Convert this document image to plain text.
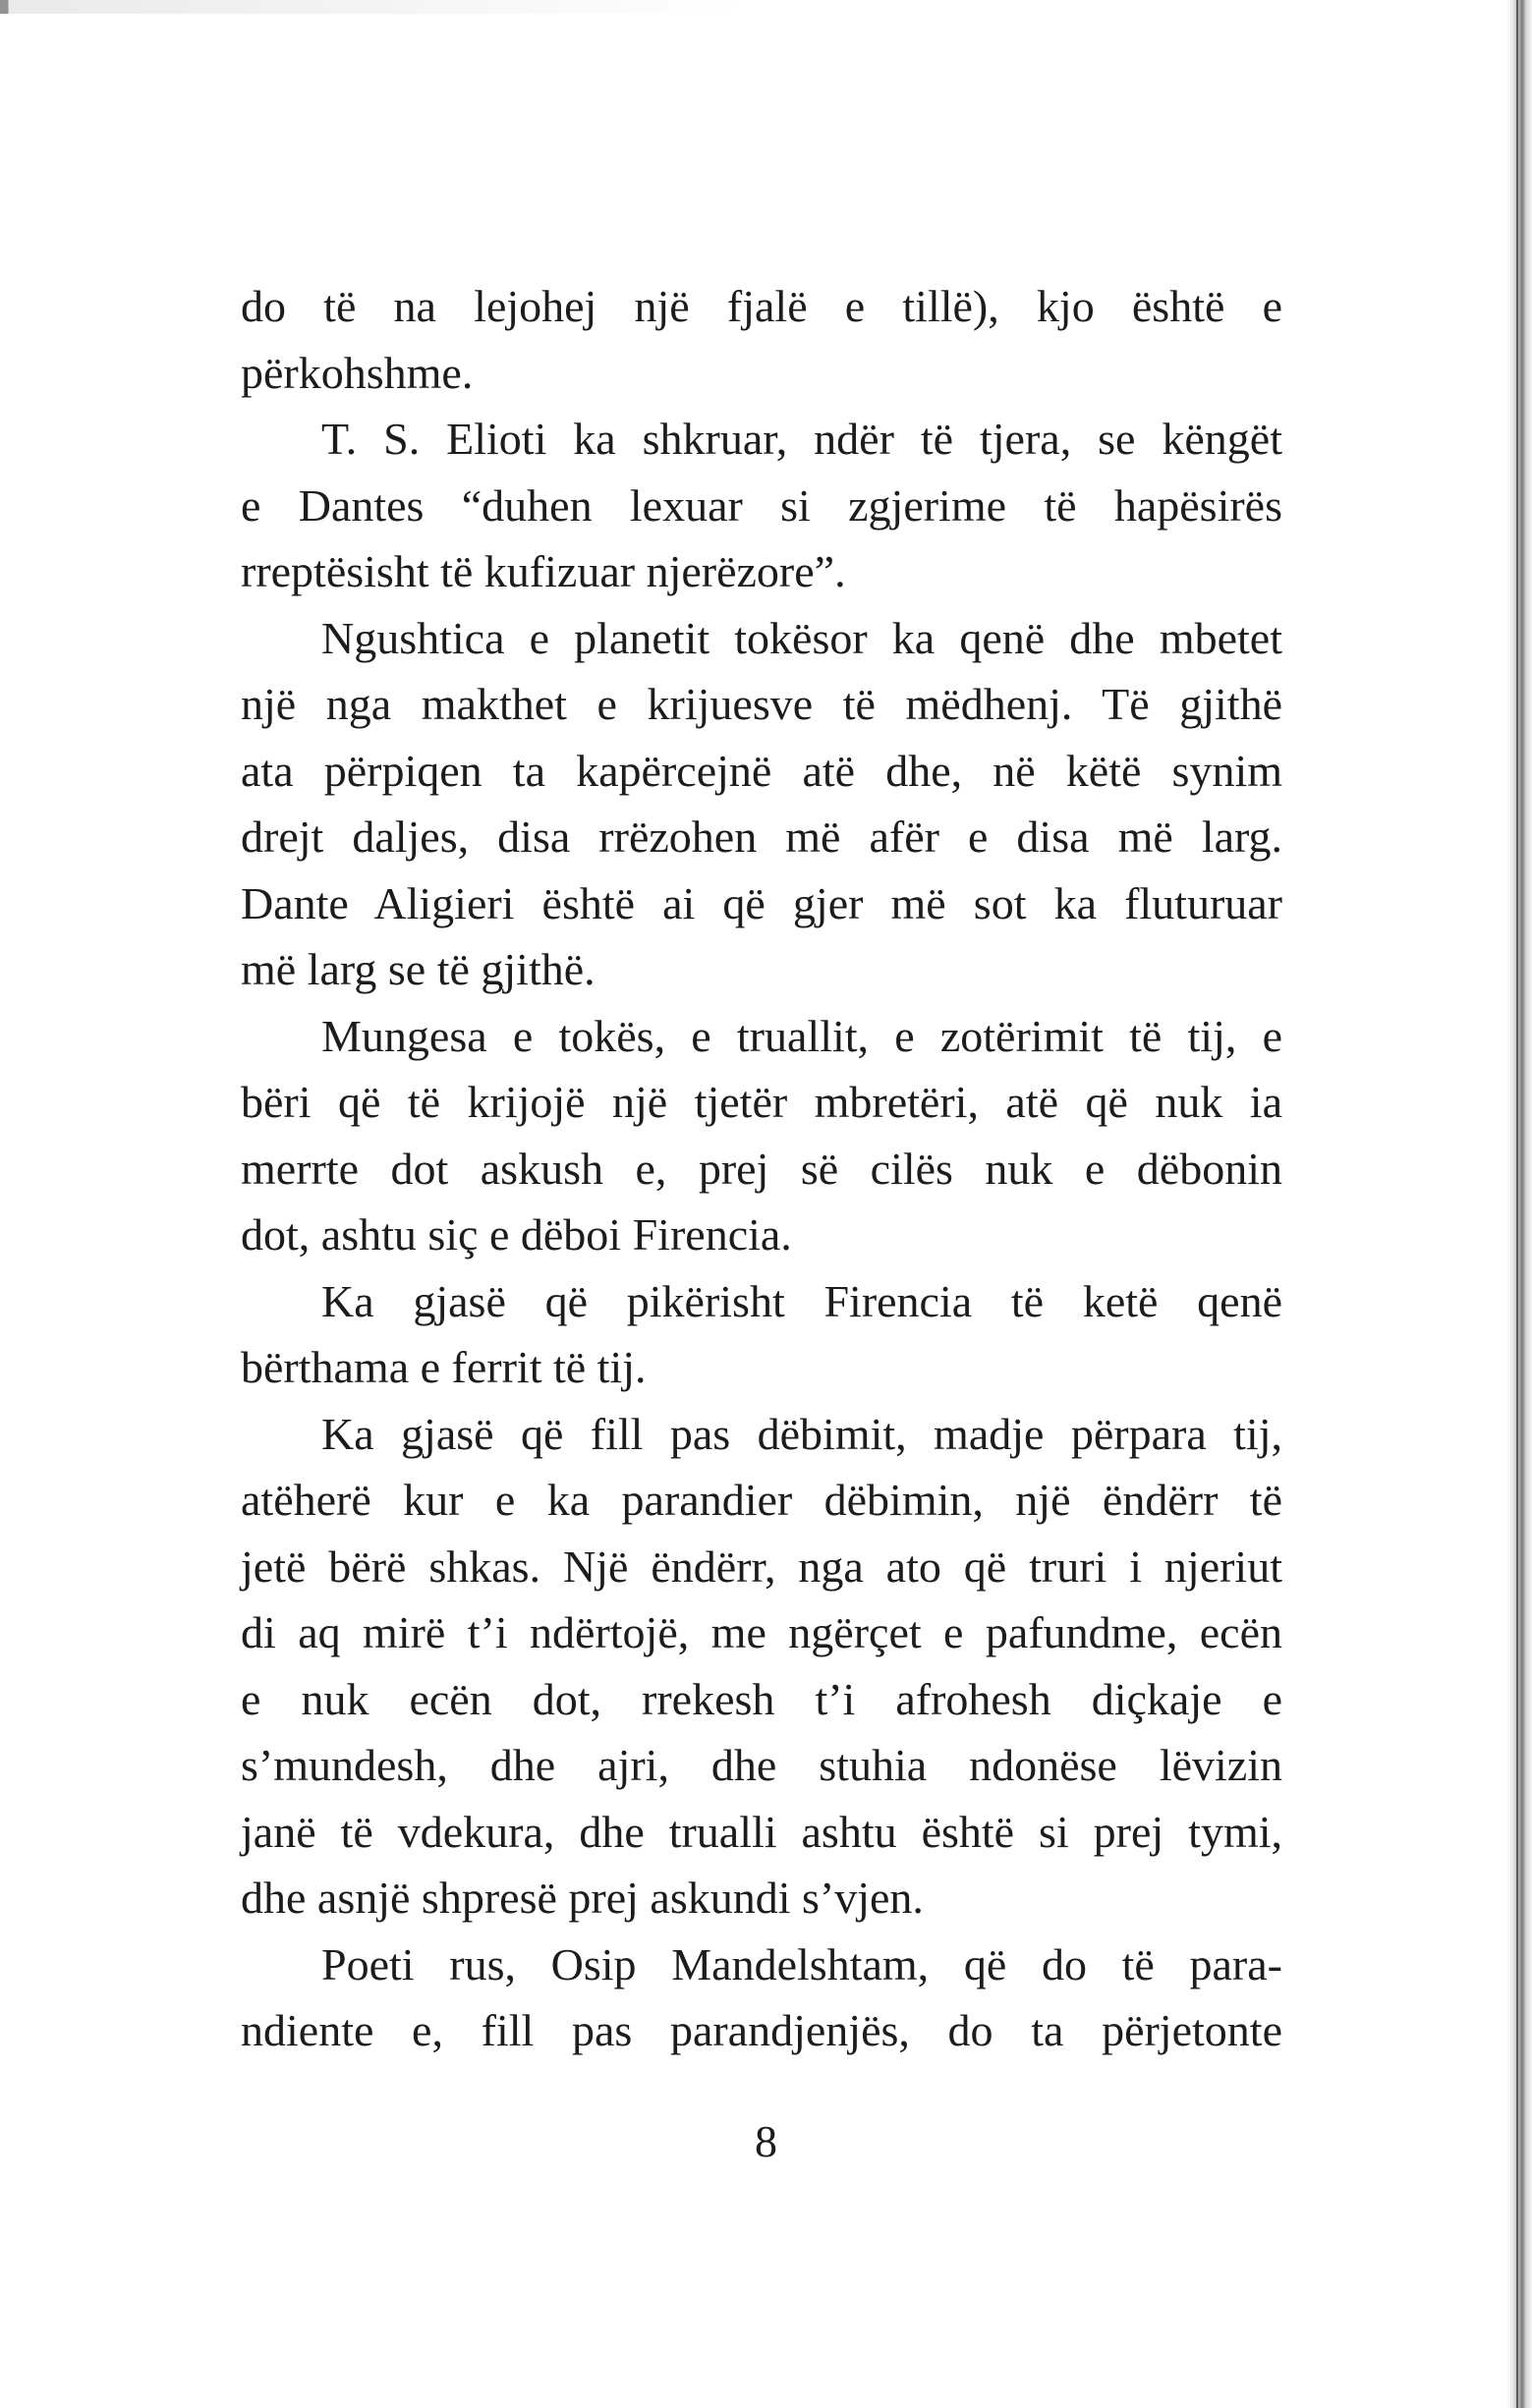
do të na lejohej një fjalë e tillë), kjo është e
përkohshme.
T. S. Elioti ka shkruar, ndër të tjera, se këngët
e Dantes “duhen lexuar si zgjerime të hapësirës
rreptësisht të kufizuar njerëzore”.
Ngushtica e planetit tokësor ka qenë dhe mbetet
një nga makthet e krijuesve të mëdhenj. Të gjithë
ata përpiqen ta kapërcejnë atë dhe, në këtë synim
drejt daljes, disa rrëzohen më afër e disa më larg.
Dante Aligieri është ai që gjer më sot ka fluturuar
më larg se të gjithë.
Mungesa e tokës, e truallit, e zotërimit të tij, e
bëri që të krijojë një tjetër mbretëri, atë që nuk ia
merrte dot askush e, prej së cilës nuk e dëbonin
dot, ashtu siç e dëboi Firencia.
Ka gjasë që pikërisht Firencia të ketë qenë
bërthama e ferrit të tij.
Ka gjasë që fill pas dëbimit, madje përpara tij,
atëherë kur e ka parandier dëbimin, një ëndërr të
jetë bërë shkas. Një ëndërr, nga ato që truri i njeriut
di aq mirë t’i ndërtojë, me ngërçet e pafundme, ecën
e nuk ecën dot, rrekesh t’i afrohesh diçkaje e
s’mundesh, dhe ajri, dhe stuhia ndonëse lëvizin
janë të vdekura, dhe trualli ashtu është si prej tymi,
dhe asnjë shpresë prej askundi s’vjen.
Poeti rus, Osip Mandelshtam, që do të para-
ndiente e, fill pas parandjenjës, do ta përjetonte
8
